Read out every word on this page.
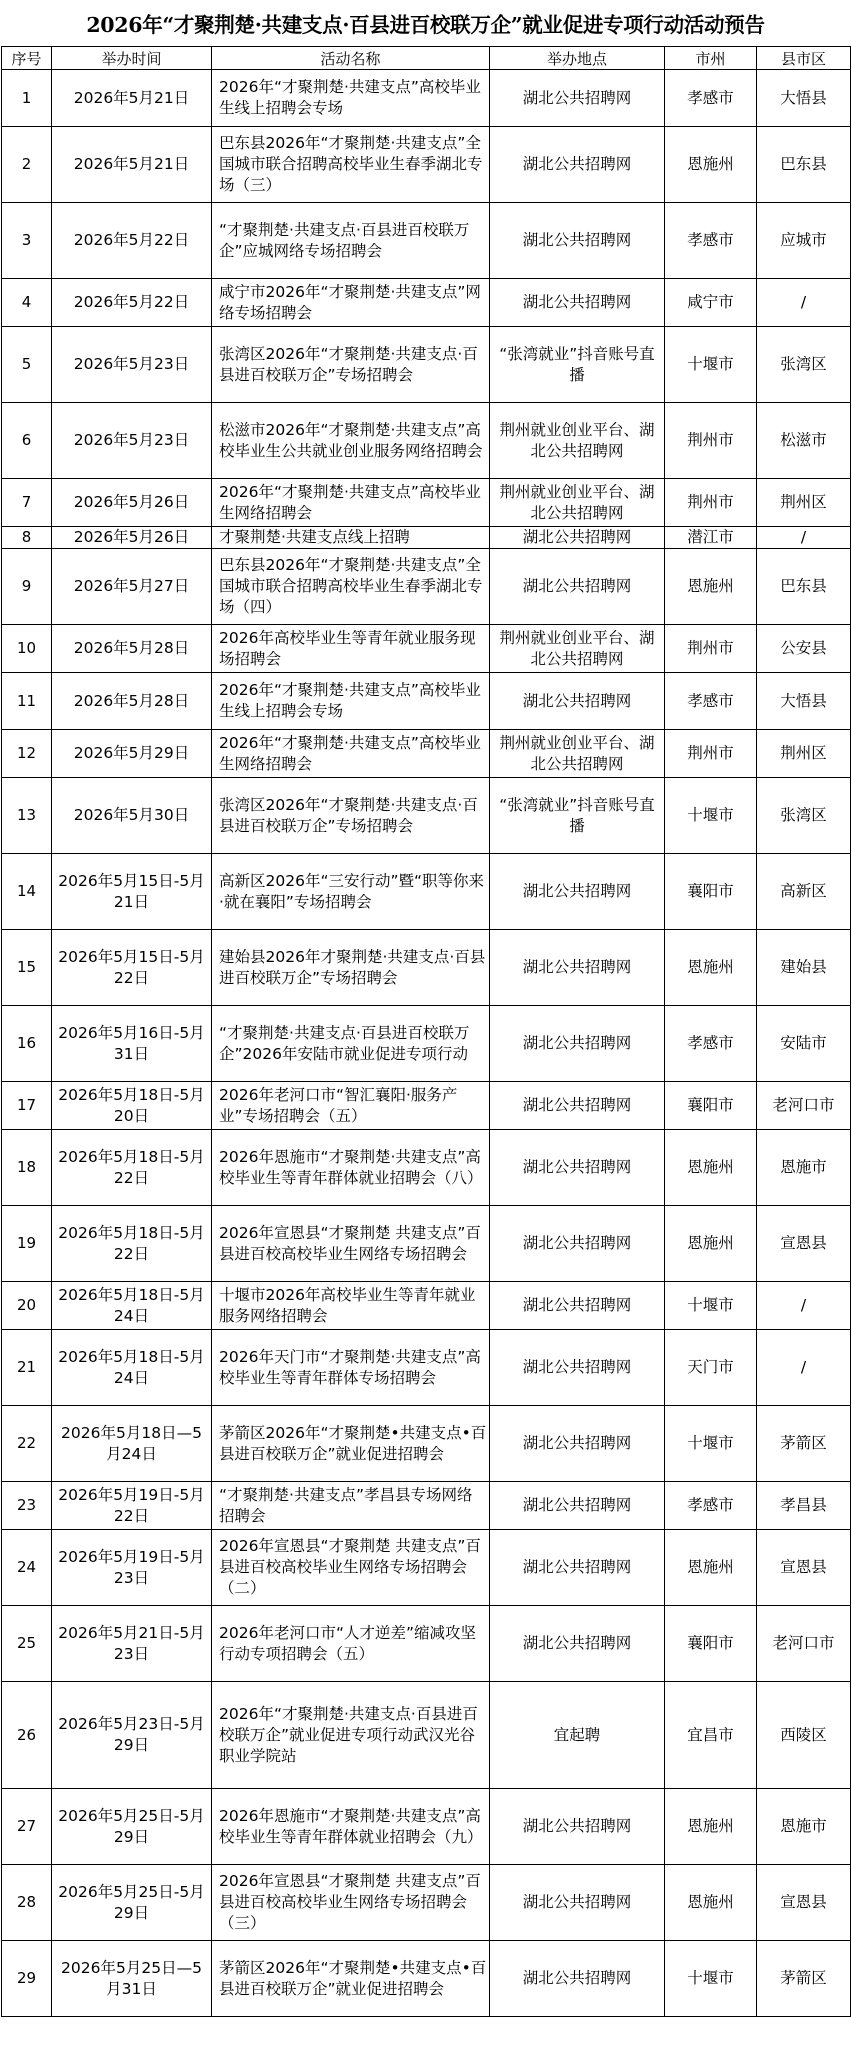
2026年“才聚荆楚·共建支点·百县进百校联万企”就业促进专项行动活动预告
序号	举办时间	活动名称	举办地点	市州	县市区
1	2026年5月21日	2026年“才聚荆楚·共建支点”高校毕业生线上招聘会专场	湖北公共招聘网	孝感市	大悟县
2	2026年5月21日	巴东县2026年“才聚荆楚·共建支点”全国城市联合招聘高校毕业生春季湖北专场（三）	湖北公共招聘网	恩施州	巴东县
3	2026年5月22日	“才聚荆楚·共建支点·百县进百校联万企”应城网络专场招聘会	湖北公共招聘网	孝感市	应城市
4	2026年5月22日	咸宁市2026年“才聚荆楚·共建支点”网络专场招聘会	湖北公共招聘网	咸宁市	/
5	2026年5月23日	张湾区2026年“才聚荆楚·共建支点·百县进百校联万企”专场招聘会	“张湾就业”抖音账号直播	十堰市	张湾区
6	2026年5月23日	松滋市2026年“才聚荆楚·共建支点”高校毕业生公共就业创业服务网络招聘会	荆州就业创业平台、湖北公共招聘网	荆州市	松滋市
7	2026年5月26日	2026年“才聚荆楚·共建支点”高校毕业生网络招聘会	荆州就业创业平台、湖北公共招聘网	荆州市	荆州区
8	2026年5月26日	才聚荆楚·共建支点线上招聘	湖北公共招聘网	潜江市	/
9	2026年5月27日	巴东县2026年“才聚荆楚·共建支点”全国城市联合招聘高校毕业生春季湖北专场（四）	湖北公共招聘网	恩施州	巴东县
10	2026年5月28日	2026年高校毕业生等青年就业服务现场招聘会	荆州就业创业平台、湖北公共招聘网	荆州市	公安县
11	2026年5月28日	2026年“才聚荆楚·共建支点”高校毕业生线上招聘会专场	湖北公共招聘网	孝感市	大悟县
12	2026年5月29日	2026年“才聚荆楚·共建支点”高校毕业生网络招聘会	荆州就业创业平台、湖北公共招聘网	荆州市	荆州区
13	2026年5月30日	张湾区2026年“才聚荆楚·共建支点·百县进百校联万企”专场招聘会	“张湾就业”抖音账号直播	十堰市	张湾区
14	2026年5月15日-5月21日	高新区2026年“三安行动”暨“职等你来·就在襄阳”专场招聘会	湖北公共招聘网	襄阳市	高新区
15	2026年5月15日-5月22日	建始县2026年才聚荆楚·共建支点·百县进百校联万企”专场招聘会	湖北公共招聘网	恩施州	建始县
16	2026年5月16日-5月31日	“才聚荆楚·共建支点·百县进百校联万企”2026年安陆市就业促进专项行动	湖北公共招聘网	孝感市	安陆市
17	2026年5月18日-5月20日	2026年老河口市“智汇襄阳·服务产业”专场招聘会（五）	湖北公共招聘网	襄阳市	老河口市
18	2026年5月18日-5月22日	2026年恩施市“才聚荆楚·共建支点”高校毕业生等青年群体就业招聘会（八）	湖北公共招聘网	恩施州	恩施市
19	2026年5月18日-5月22日	2026年宣恩县“才聚荆楚 共建支点”百县进百校高校毕业生网络专场招聘会	湖北公共招聘网	恩施州	宣恩县
20	2026年5月18日-5月24日	十堰市2026年高校毕业生等青年就业服务网络招聘会	湖北公共招聘网	十堰市	/
21	2026年5月18日-5月24日	2026年天门市“才聚荆楚·共建支点”高校毕业生等青年群体专场招聘会	湖北公共招聘网	天门市	/
22	2026年5月18日—5月24日	茅箭区2026年“才聚荆楚•共建支点•百县进百校联万企”就业促进招聘会	湖北公共招聘网	十堰市	茅箭区
23	2026年5月19日-5月22日	“才聚荆楚·共建支点”孝昌县专场网络招聘会	湖北公共招聘网	孝感市	孝昌县
24	2026年5月19日-5月23日	2026年宣恩县“才聚荆楚 共建支点”百县进百校高校毕业生网络专场招聘会（二）	湖北公共招聘网	恩施州	宣恩县
25	2026年5月21日-5月23日	2026年老河口市“人才逆差”缩减攻坚行动专项招聘会（五）	湖北公共招聘网	襄阳市	老河口市
26	2026年5月23日-5月29日	2026年“才聚荆楚·共建支点·百县进百校联万企”就业促进专项行动武汉光谷职业学院站	宜起聘	宜昌市	西陵区
27	2026年5月25日-5月29日	2026年恩施市“才聚荆楚·共建支点”高校毕业生等青年群体就业招聘会（九）	湖北公共招聘网	恩施州	恩施市
28	2026年5月25日-5月29日	2026年宣恩县“才聚荆楚 共建支点”百县进百校高校毕业生网络专场招聘会（三）	湖北公共招聘网	恩施州	宣恩县
29	2026年5月25日—5月31日	茅箭区2026年“才聚荆楚•共建支点•百县进百校联万企”就业促进招聘会	湖北公共招聘网	十堰市	茅箭区
